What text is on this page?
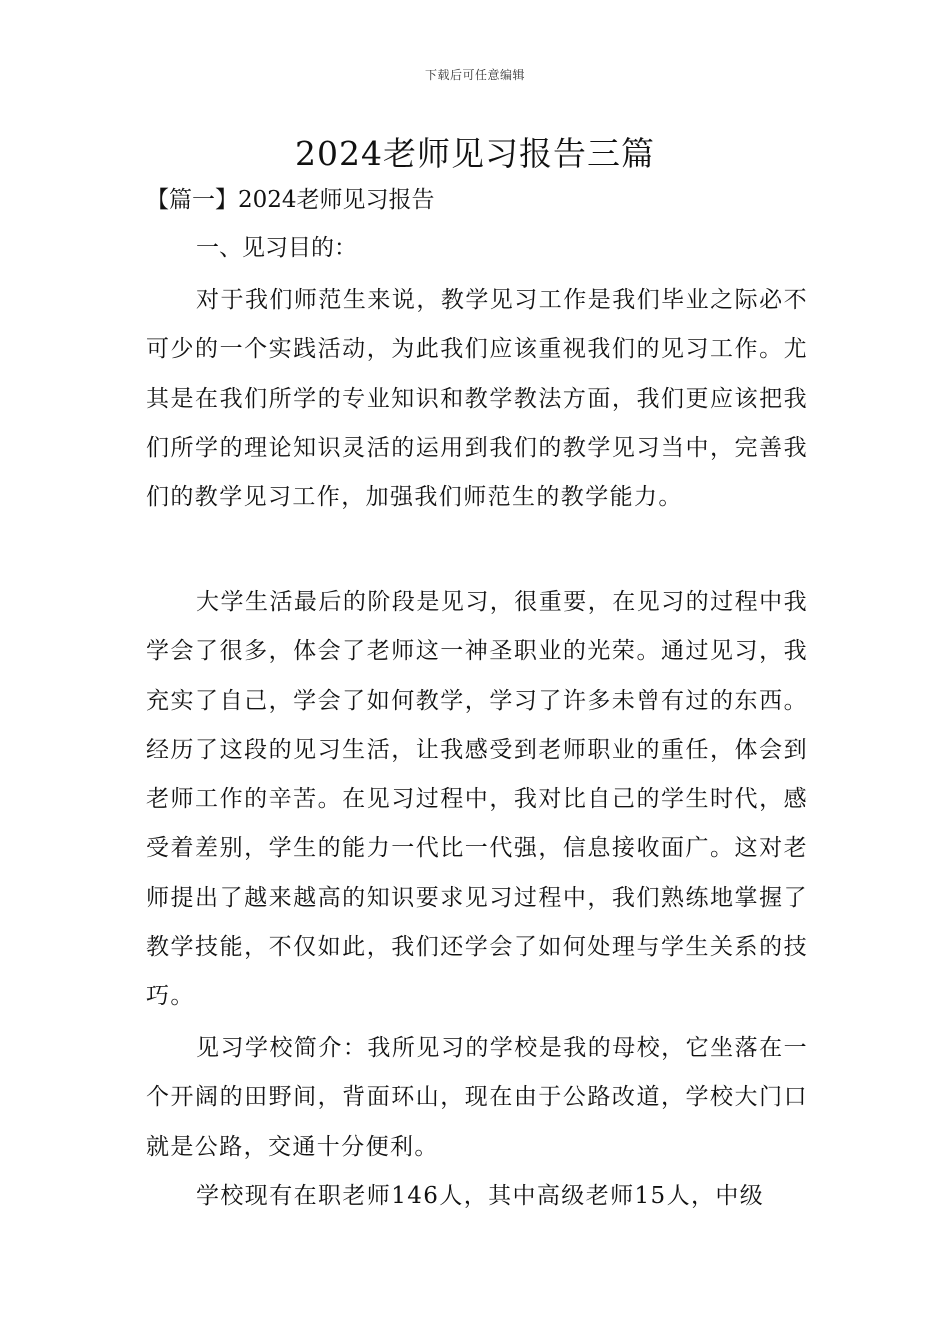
下载后可任意编辑
2024老师见习报告三篇
【篇一】2024老师见习报告
一、见习目的：

对于我们师范生来说，教学见习工作是我们毕业之际必不可少的一个实践活动，为此我们应该重视我们的见习工作。尤其是在我们所学的专业知识和教学教法方面，我们更应该把我们所学的理论知识灵活的运用到我们的教学见习当中，完善我们的教学见习工作，加强我们师范生的教学能力。

大学生活最后的阶段是见习，很重要，在见习的过程中我学会了很多，体会了老师这一神圣职业的光荣。通过见习，我充实了自己，学会了如何教学，学习了许多未曾有过的东西。经历了这段的见习生活，让我感受到老师职业的重任，体会到老师工作的辛苦。在见习过程中，我对比自己的学生时代，感受着差别，学生的能力一代比一代强，信息接收面广。这对老师提出了越来越高的知识要求见习过程中，我们熟练地掌握了教学技能，不仅如此，我们还学会了如何处理与学生关系的技巧。

见习学校简介：我所见习的学校是我的母校，它坐落在一个开阔的田野间，背面环山，现在由于公路改道，学校大门口就是公路，交通十分便利。

学校现有在职老师146人，其中高级老师15人，中级
